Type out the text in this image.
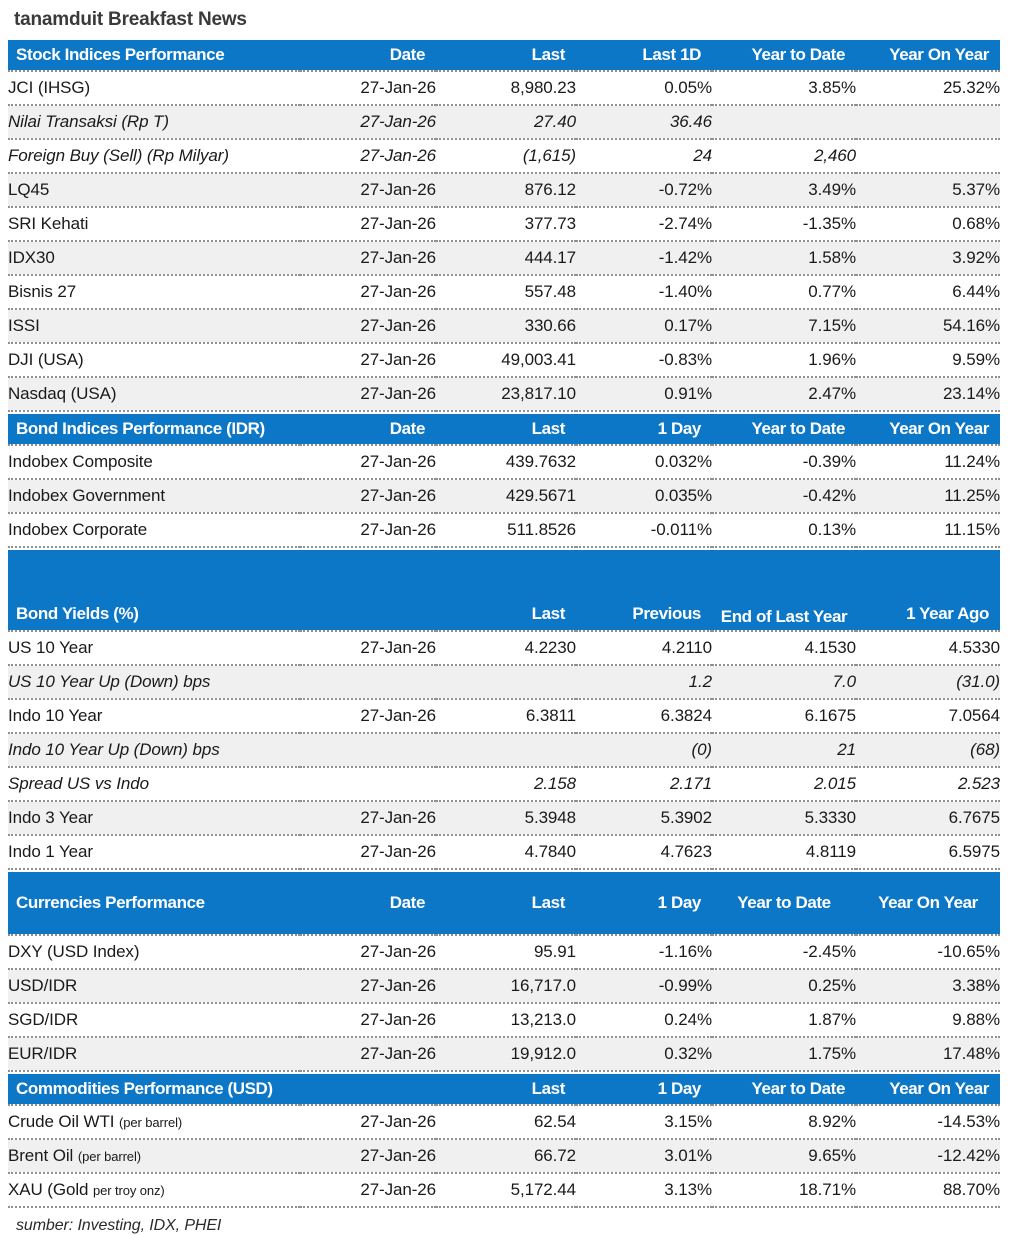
tanamduit Breakfast News
Stock Indices Performance	Date	Last	Last 1D	Year to Date	Year On Year
JCI (IHSG)	27-Jan-26	8,980.23	0.05%	3.85%	25.32%
Nilai Transaksi (Rp T)	27-Jan-26	27.40	36.46		
Foreign Buy (Sell) (Rp Milyar)	27-Jan-26	(1,615)	24	2,460	
LQ45	27-Jan-26	876.12	-0.72%	3.49%	5.37%
SRI Kehati	27-Jan-26	377.73	-2.74%	-1.35%	0.68%
IDX30	27-Jan-26	444.17	-1.42%	1.58%	3.92%
Bisnis 27	27-Jan-26	557.48	-1.40%	0.77%	6.44%
ISSI	27-Jan-26	330.66	0.17%	7.15%	54.16%
DJI (USA)	27-Jan-26	49,003.41	-0.83%	1.96%	9.59%
Nasdaq (USA)	27-Jan-26	23,817.10	0.91%	2.47%	23.14%
Bond Indices Performance (IDR)	Date	Last	1 Day	Year to Date	Year On Year
Indobex Composite	27-Jan-26	439.7632	0.032%	-0.39%	11.24%
Indobex Government	27-Jan-26	429.5671	0.035%	-0.42%	11.25%
Indobex Corporate	27-Jan-26	511.8526	-0.011%	0.13%	11.15%
Bond Yields (%)		Last	Previous	End of Last Year	1 Year Ago
US 10 Year	27-Jan-26	4.2230	4.2110	4.1530	4.5330
US 10 Year Up (Down) bps			1.2	7.0	(31.0)
Indo 10 Year	27-Jan-26	6.3811	6.3824	6.1675	7.0564
Indo 10 Year Up (Down) bps			(0)	21	(68)
Spread US vs Indo		2.158	2.171	2.015	2.523
Indo 3 Year	27-Jan-26	5.3948	5.3902	5.3330	6.7675
Indo 1 Year	27-Jan-26	4.7840	4.7623	4.8119	6.5975
Currencies Performance	Date	Last	1 Day	Year to Date	Year On Year
DXY (USD Index)	27-Jan-26	95.91	-1.16%	-2.45%	-10.65%
USD/IDR	27-Jan-26	16,717.0	-0.99%	0.25%	3.38%
SGD/IDR	27-Jan-26	13,213.0	0.24%	1.87%	9.88%
EUR/IDR	27-Jan-26	19,912.0	0.32%	1.75%	17.48%
Commodities Performance (USD)		Last	1 Day	Year to Date	Year On Year
Crude Oil WTI (per barrel)	27-Jan-26	62.54	3.15%	8.92%	-14.53%
Brent Oil (per barrel)	27-Jan-26	66.72	3.01%	9.65%	-12.42%
XAU (Gold per troy onz)	27-Jan-26	5,172.44	3.13%	18.71%	88.70%
sumber: Investing, IDX, PHEI
